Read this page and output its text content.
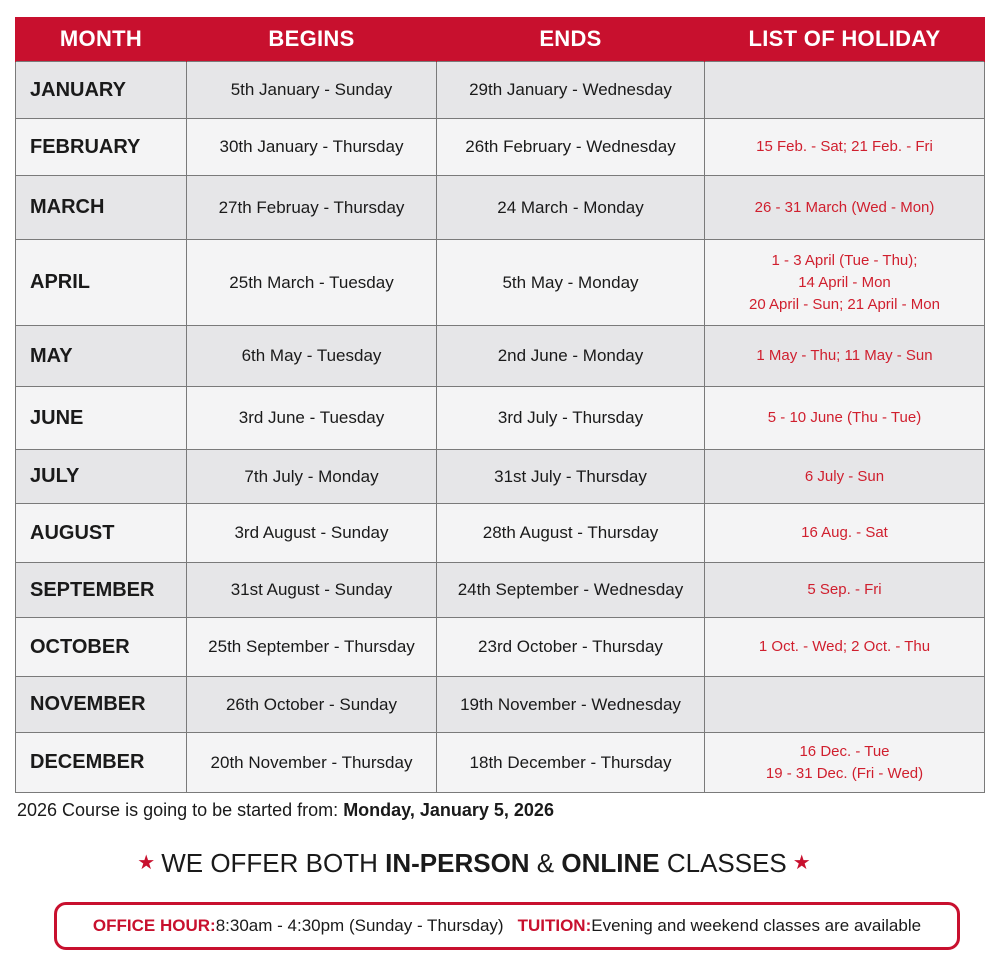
MONTH	BEGINS	ENDS	LIST OF HOLIDAY
JANUARY	5th January - Sunday	29th January - Wednesday	
FEBRUARY	30th January - Thursday	26th February - Wednesday	15 Feb. - Sat; 21 Feb. - Fri

MARCH	27th Februay - Thursday	24 March - Monday	26 - 31 March (Wed - Mon)

APRIL	25th March - Tuesday	5th May - Monday	1 - 3 April (Tue - Thu);
14 April - Mon
20 April - Sun; 21 April - Mon

MAY	6th May - Tuesday	2nd June - Monday	1 May - Thu; 11 May - Sun

JUNE	3rd June - Tuesday	3rd July - Thursday	5 - 10 June (Thu - Tue)

JULY	7th July - Monday	31st July - Thursday	6 July - Sun

AUGUST	3rd August - Sunday	28th August - Thursday	16 Aug. - Sat

SEPTEMBER	31st August - Sunday	24th September - Wednesday	5 Sep. - Fri

OCTOBER	25th September - Thursday	23rd October - Thursday	1 Oct. - Wed; 2 Oct. - Thu

NOVEMBER	26th October - Sunday	19th November - Wednesday	
DECEMBER	20th November - Thursday	18th December - Thursday	16 Dec. - Tue
19 - 31 Dec. (Fri - Wed)
2026 Course is going to be started from: Monday, January 5, 2026
★ WE OFFER BOTH IN-PERSON & ONLINE CLASSES ★
OFFICE HOUR: 8:30am - 4:30pm (Sunday - Thursday) TUITION: Evening and weekend classes are available
